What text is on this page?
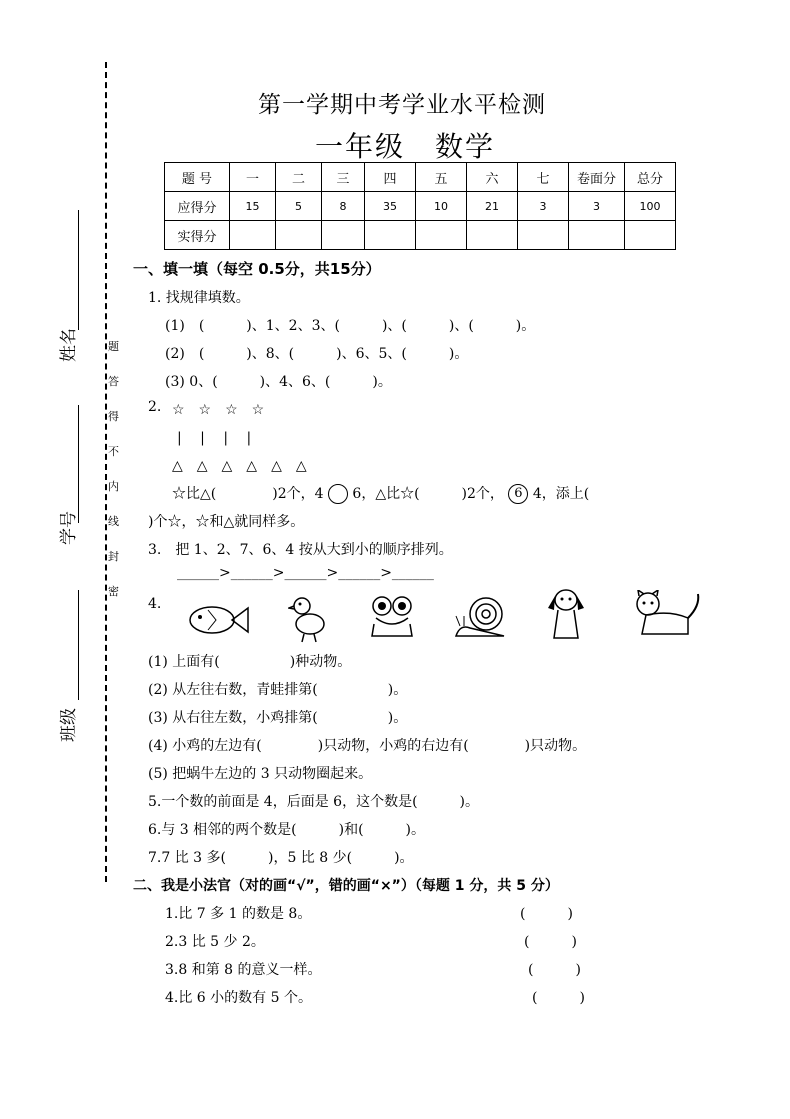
姓名
学号
班级
题
答
得
不
内
线
封
密
第一学期中考学业水平检测
一年级　数学
题 号	一	二	三	四	五	六	七	卷面分	总分
应得分	15	5	8	35	10	21	3	3	100
实得分									
一、填一填（每空 0.5分，共15分）
1. 找规律填数。
(1)　(　　　)、1、2、3、(　　　)、(　　　)、(　　　)。
(2)　(　　　)、8、(　　　)、6、5、(　　　)。
(3) 0、(　　　)、4、6、(　　　)。
2. ☆　☆　☆　☆
|　 |　 |　 |
△　△　△　△　△　△
☆比△(　　　　)2个，4 6，△比☆(　　　)2个， 6 4，添上(
)个☆，☆和△就同样多。
3.　把 1、2、7、6、4 按从大到小的顺序排列。
______>______>______>______>______
4.
(1) 上面有(　　　　　)种动物。
(2) 从左往右数，青蛙排第(　　　　　)。
(3) 从右往左数，小鸡排第(　　　　　)。
(4) 小鸡的左边有(　　　　)只动物，小鸡的右边有(　　　　)只动物。
(5) 把蜗牛左边的 3 只动物圈起来。
5.一个数的前面是 4，后面是 6，这个数是(　　　)。
6.与 3 相邻的两个数是(　　　)和(　　　)。
7.7 比 3 多(　　　)，5 比 8 少(　　　)。
二、我是小法官（对的画“√”，错的画“×”）（每题 1 分，共 5 分）
1.比 7 多 1 的数是 8。	(　　　)
2.3 比 5 少 2。	(　　　)
3.8 和第 8 的意义一样。	(　　　)
4.比 6 小的数有 5 个。	(　　　)
